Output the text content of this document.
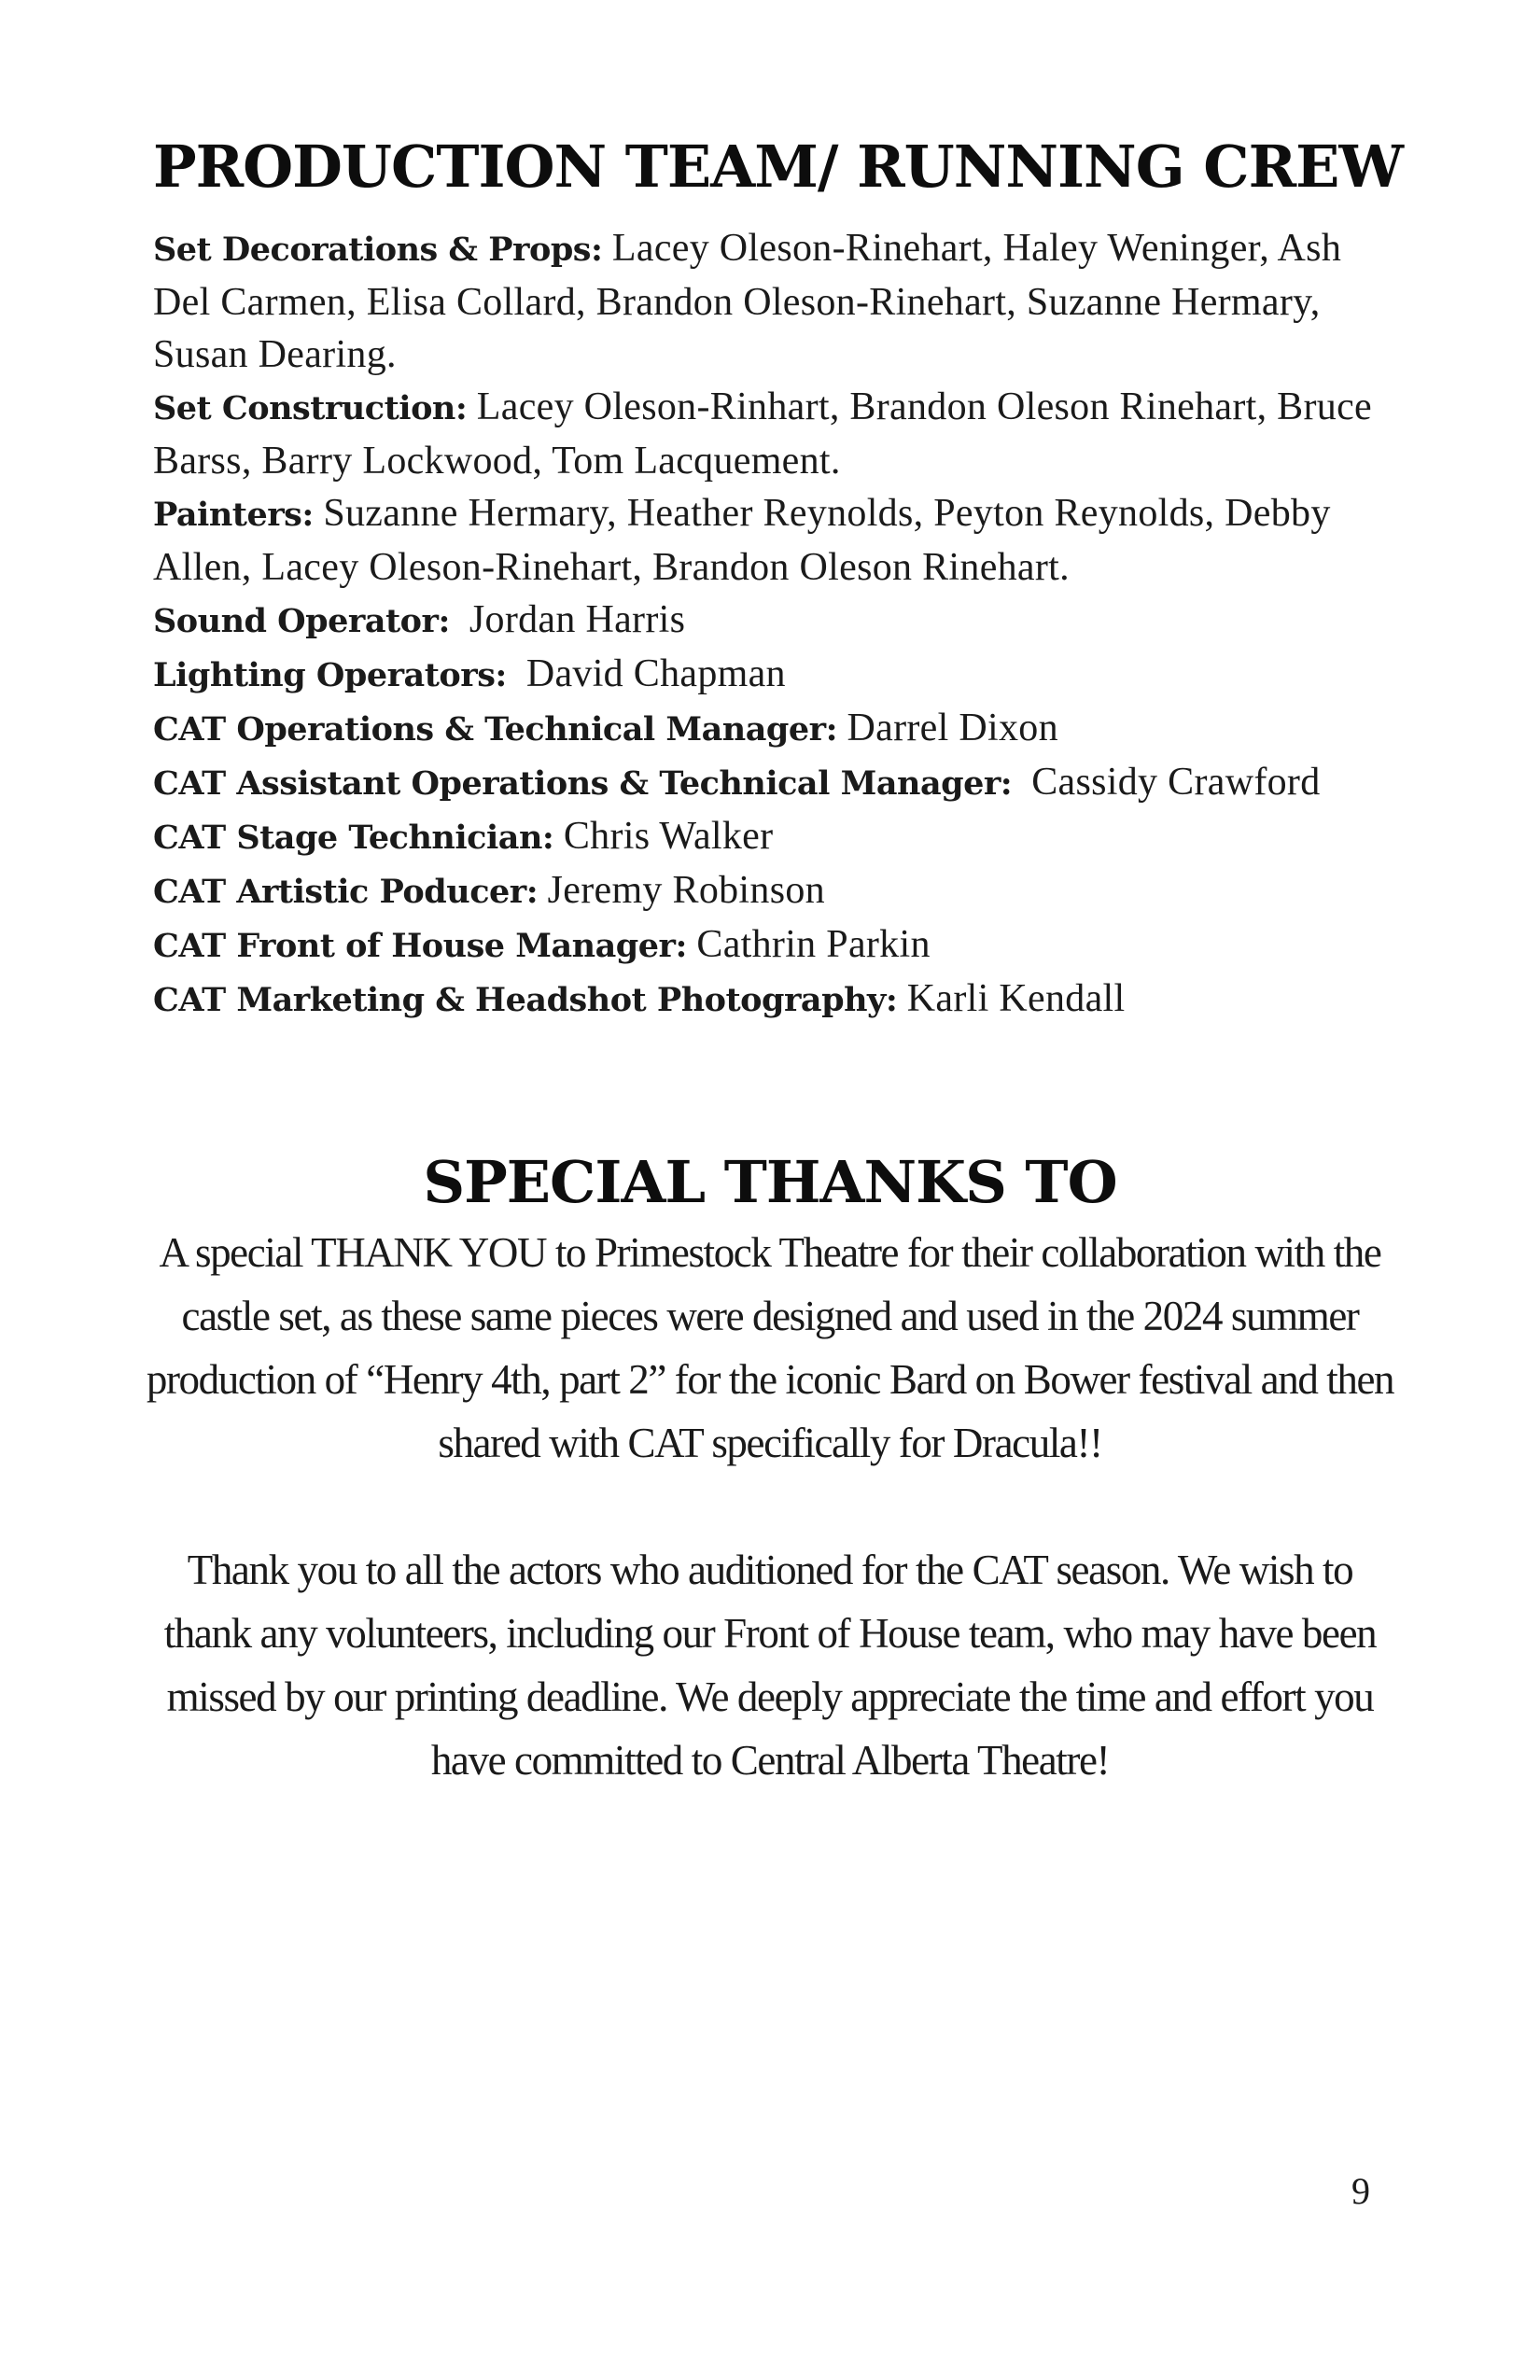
PRODUCTION TEAM/ RUNNING CREW

Set Decorations & Props: Lacey Oleson-Rinehart, Haley Weninger, Ash Del Carmen, Elisa Collard, Brandon Oleson-Rinehart, Suzanne Hermary, Susan Dearing.

Set Construction: Lacey Oleson-Rinhart, Brandon Oleson Rinehart, Bruce Barss, Barry Lockwood, Tom Lacquement.

Painters: Suzanne Hermary, Heather Reynolds, Peyton Reynolds, Debby Allen, Lacey Oleson-Rinehart, Brandon Oleson Rinehart.

Sound Operator: Jordan Harris

Lighting Operators: David Chapman

CAT Operations & Technical Manager: Darrel Dixon

CAT Assistant Operations & Technical Manager: Cassidy Crawford

CAT Stage Technician: Chris Walker

CAT Artistic Poducer: Jeremy Robinson

CAT Front of House Manager: Cathrin Parkin

CAT Marketing & Headshot Photography: Karli Kendall

SPECIAL THANKS TO

A special THANK YOU to Primestock Theatre for their collaboration with the castle set, as these same pieces were designed and used in the 2024 summer production of “Henry 4th, part 2” for the iconic Bard on Bower festival and then shared with CAT specifically for Dracula!!

Thank you to all the actors who auditioned for the CAT season. We wish to thank any volunteers, including our Front of House team, who may have been missed by our printing deadline. We deeply appreciate the time and effort you have committed to Central Alberta Theatre!

9
